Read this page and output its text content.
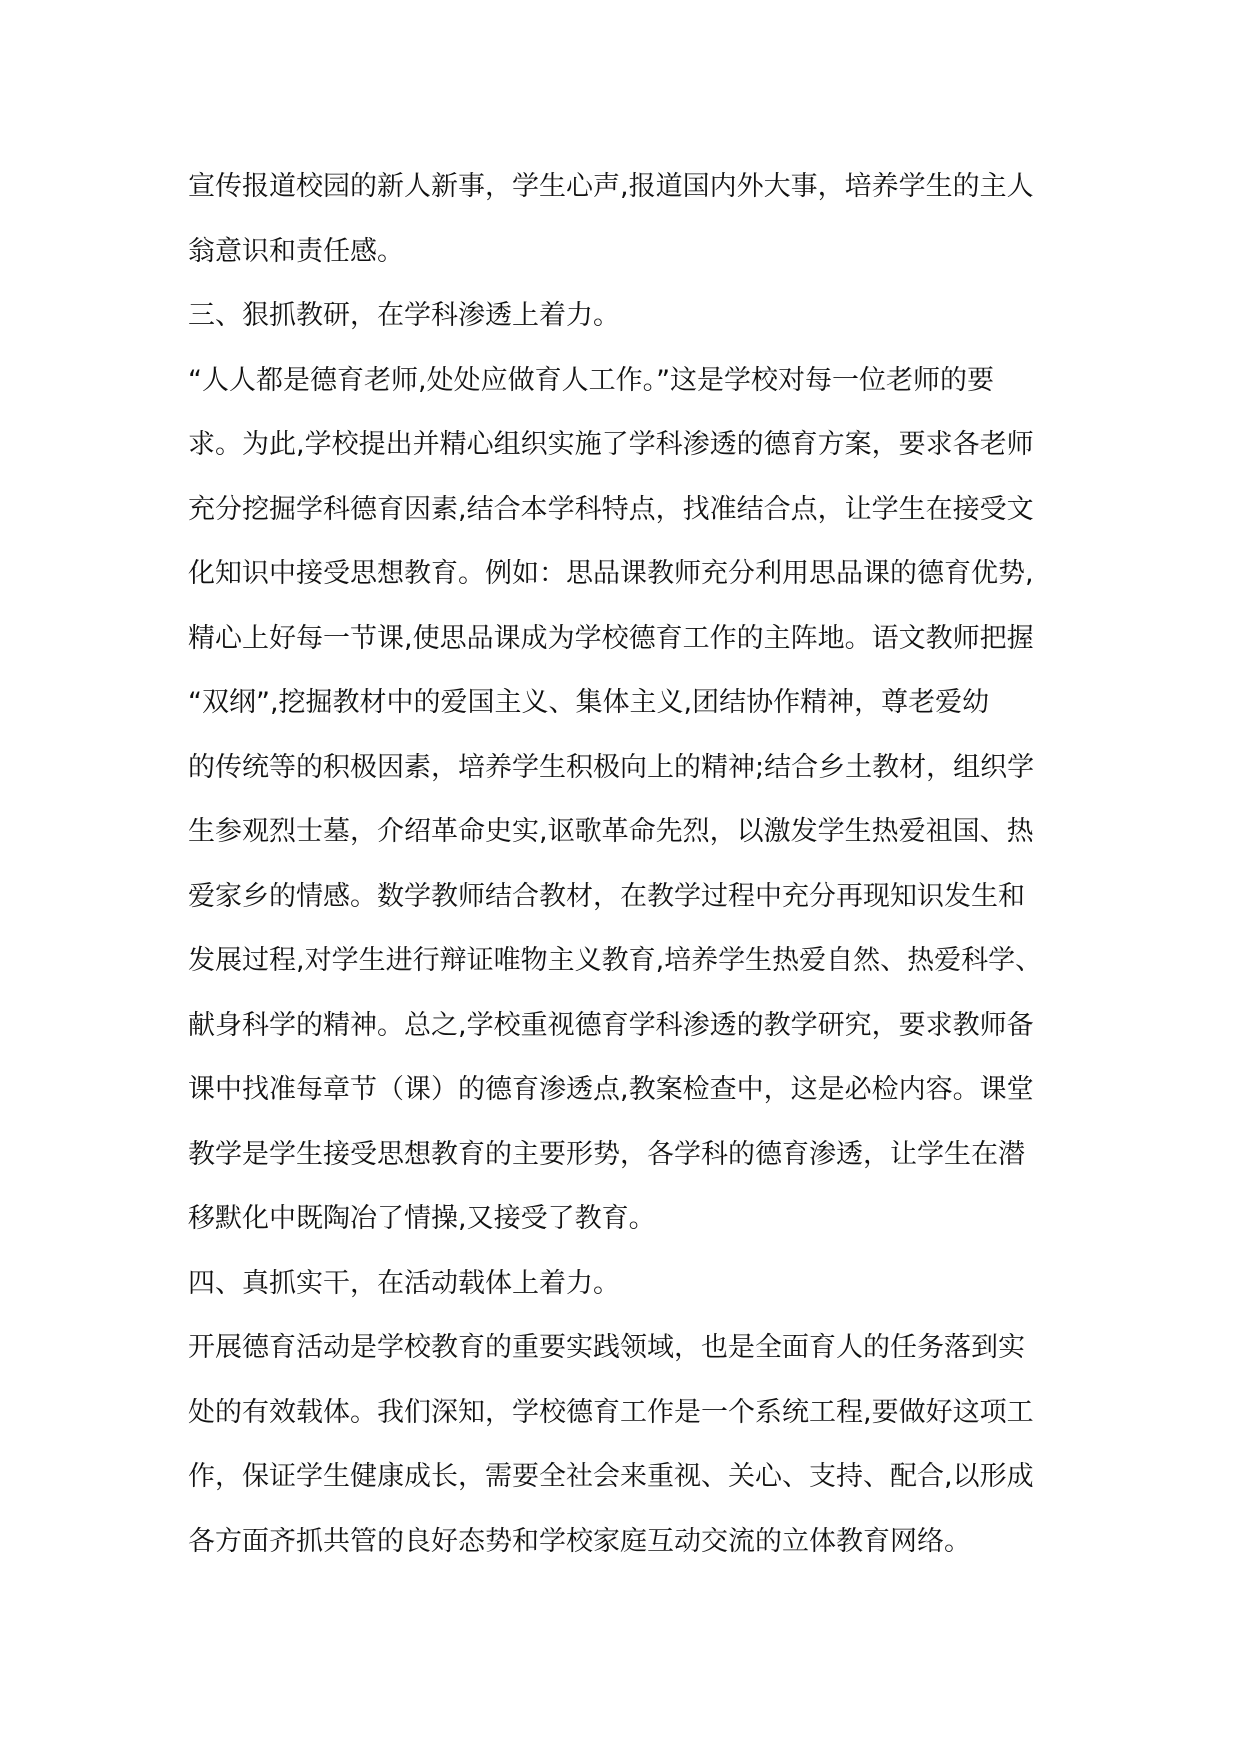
宣传报道校园的新人新事，学生心声,报道国内外大事，培养学生的主人
翁意识和责任感。
三、狠抓教研，在学科渗透上着力。
“人人都是德育老师,处处应做育人工作。”这是学校对每一位老师的要
求。为此,学校提出并精心组织实施了学科渗透的德育方案，要求各老师
充分挖掘学科德育因素,结合本学科特点，找准结合点，让学生在接受文
化知识中接受思想教育。例如：思品课教师充分利用思品课的德育优势,
精心上好每一节课,使思品课成为学校德育工作的主阵地。语文教师把握
“双纲”,挖掘教材中的爱国主义、集体主义,团结协作精神，尊老爱幼
的传统等的积极因素，培养学生积极向上的精神;结合乡土教材，组织学
生参观烈士墓，介绍革命史实,讴歌革命先烈，以激发学生热爱祖国、热
爱家乡的情感。数学教师结合教材，在教学过程中充分再现知识发生和
发展过程,对学生进行辩证唯物主义教育,培养学生热爱自然、热爱科学、
献身科学的精神。总之,学校重视德育学科渗透的教学研究，要求教师备
课中找准每章节（课）的德育渗透点,教案检查中，这是必检内容。课堂
教学是学生接受思想教育的主要形势，各学科的德育渗透，让学生在潜
移默化中既陶冶了情操,又接受了教育。
四、真抓实干，在活动载体上着力。
开展德育活动是学校教育的重要实践领域，也是全面育人的任务落到实
处的有效载体。我们深知，学校德育工作是一个系统工程,要做好这项工
作，保证学生健康成长，需要全社会来重视、关心、支持、配合,以形成
各方面齐抓共管的良好态势和学校家庭互动交流的立体教育网络。
